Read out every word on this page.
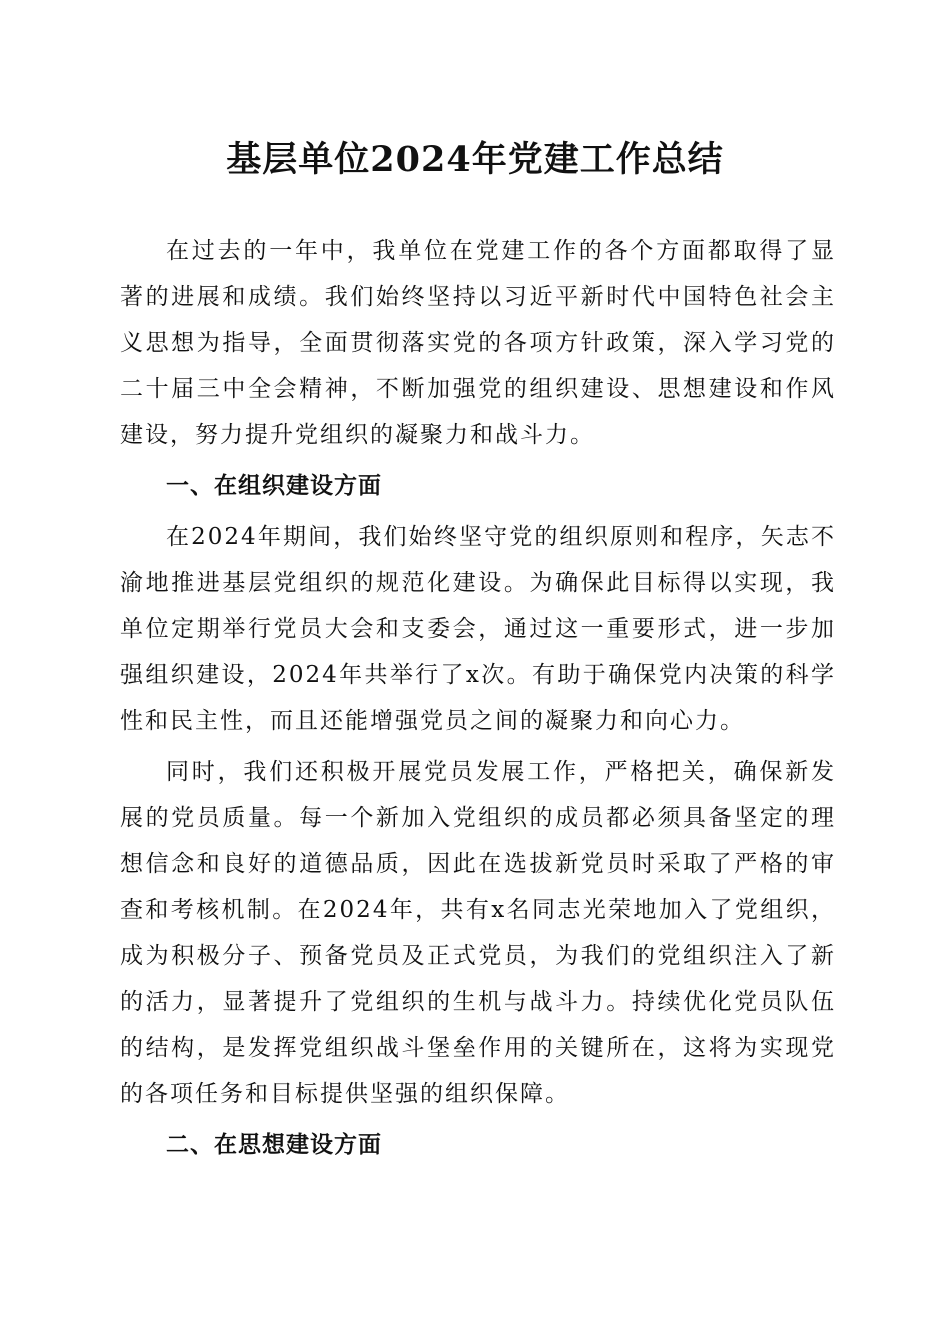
基层单位2024年党建工作总结

在过去的一年中，我单位在党建工作的各个方面都取得了显著的进展和成绩。我们始终坚持以习近平新时代中国特色社会主义思想为指导，全面贯彻落实党的各项方针政策，深入学习党的二十届三中全会精神，不断加强党的组织建设、思想建设和作风建设，努力提升党组织的凝聚力和战斗力。

一、在组织建设方面

在2024年期间，我们始终坚守党的组织原则和程序，矢志不渝地推进基层党组织的规范化建设。为确保此目标得以实现，我单位定期举行党员大会和支委会，通过这一重要形式，进一步加强组织建设，2024年共举行了x次。有助于确保党内决策的科学性和民主性，而且还能增强党员之间的凝聚力和向心力。

同时，我们还积极开展党员发展工作，严格把关，确保新发展的党员质量。每一个新加入党组织的成员都必须具备坚定的理想信念和良好的道德品质，因此在选拔新党员时采取了严格的审查和考核机制。在2024年，共有x名同志光荣地加入了党组织，成为积极分子、预备党员及正式党员，为我们的党组织注入了新的活力，显著提升了党组织的生机与战斗力。持续优化党员队伍的结构，是发挥党组织战斗堡垒作用的关键所在，这将为实现党的各项任务和目标提供坚强的组织保障。

二、在思想建设方面
